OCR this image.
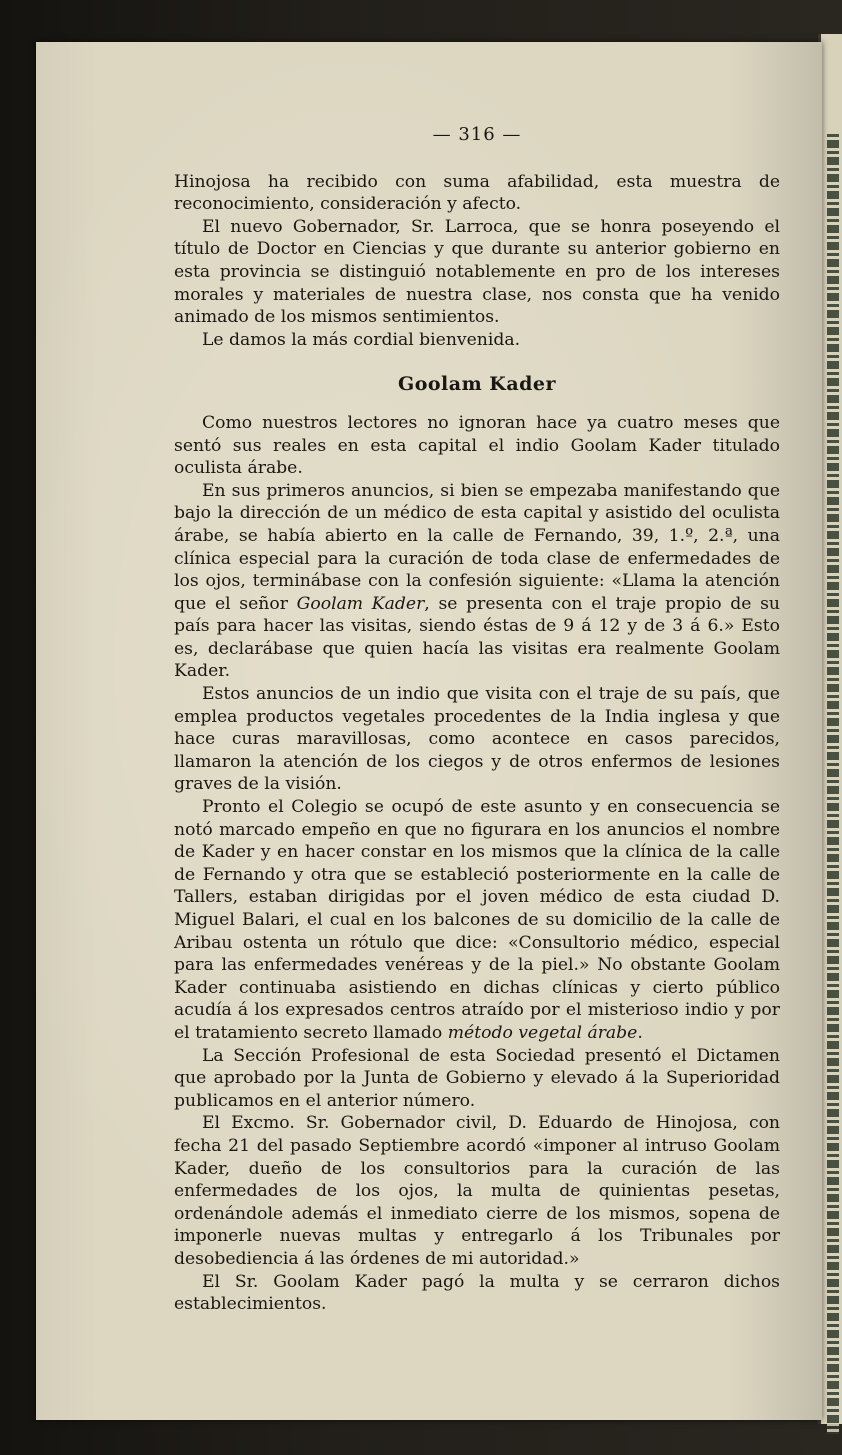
— 316 —

Hinojosa ha recibido con suma afabilidad, esta muestra de reconocimiento, consideración y afecto.

El nuevo Gobernador, Sr. Larroca, que se honra poseyendo el título de Doctor en Ciencias y que durante su anterior gobierno en esta provincia se distinguió notablemente en pro de los intereses morales y materiales de nuestra clase, nos consta que ha venido animado de los mismos sentimientos.

Le damos la más cordial bienvenida.

Goolam Kader

Como nuestros lectores no ignoran hace ya cuatro meses que sentó sus reales en esta capital el indio Goolam Kader titulado oculista árabe.

En sus primeros anuncios, si bien se empezaba manifestando que bajo la dirección de un médico de esta capital y asistido del oculista árabe, se había abierto en la calle de Fernando, 39, 1.º, 2.ª, una clínica especial para la curación de toda clase de enfermedades de los ojos, terminábase con la confesión siguiente: «Llama la atención que el señor Goolam Kader, se presenta con el traje propio de su país para hacer las visitas, siendo éstas de 9 á 12 y de 3 á 6.» Esto es, declarábase que quien hacía las visitas era realmente Goolam Kader.

Estos anuncios de un indio que visita con el traje de su país, que emplea productos vegetales procedentes de la India inglesa y que hace curas maravillosas, como acontece en casos parecidos, llamaron la atención de los ciegos y de otros enfermos de lesiones graves de la visión.

Pronto el Colegio se ocupó de este asunto y en consecuencia se notó marcado empeño en que no figurara en los anuncios el nombre de Kader y en hacer constar en los mismos que la clínica de la calle de Fernando y otra que se estableció posteriormente en la calle de Tallers, estaban dirigidas por el joven médico de esta ciudad D. Miguel Balari, el cual en los balcones de su domicilio de la calle de Aribau ostenta un rótulo que dice: «Consultorio médico, especial para las enfermedades venéreas y de la piel.» No obstante Goolam Kader continuaba asistiendo en dichas clínicas y cierto público acudía á los expresados centros atraído por el misterioso indio y por el tratamiento secreto llamado método vegetal árabe.

La Sección Profesional de esta Sociedad presentó el Dictamen que aprobado por la Junta de Gobierno y elevado á la Superioridad publicamos en el anterior número.

El Excmo. Sr. Gobernador civil, D. Eduardo de Hinojosa, con fecha 21 del pasado Septiembre acordó «imponer al intruso Goolam Kader, dueño de los consultorios para la curación de las enfermedades de los ojos, la multa de quinientas pesetas, ordenándole además el inmediato cierre de los mismos, sopena de imponerle nuevas multas y entregarlo á los Tribunales por desobediencia á las órdenes de mi autoridad.»

El Sr. Goolam Kader pagó la multa y se cerraron dichos establecimientos.
